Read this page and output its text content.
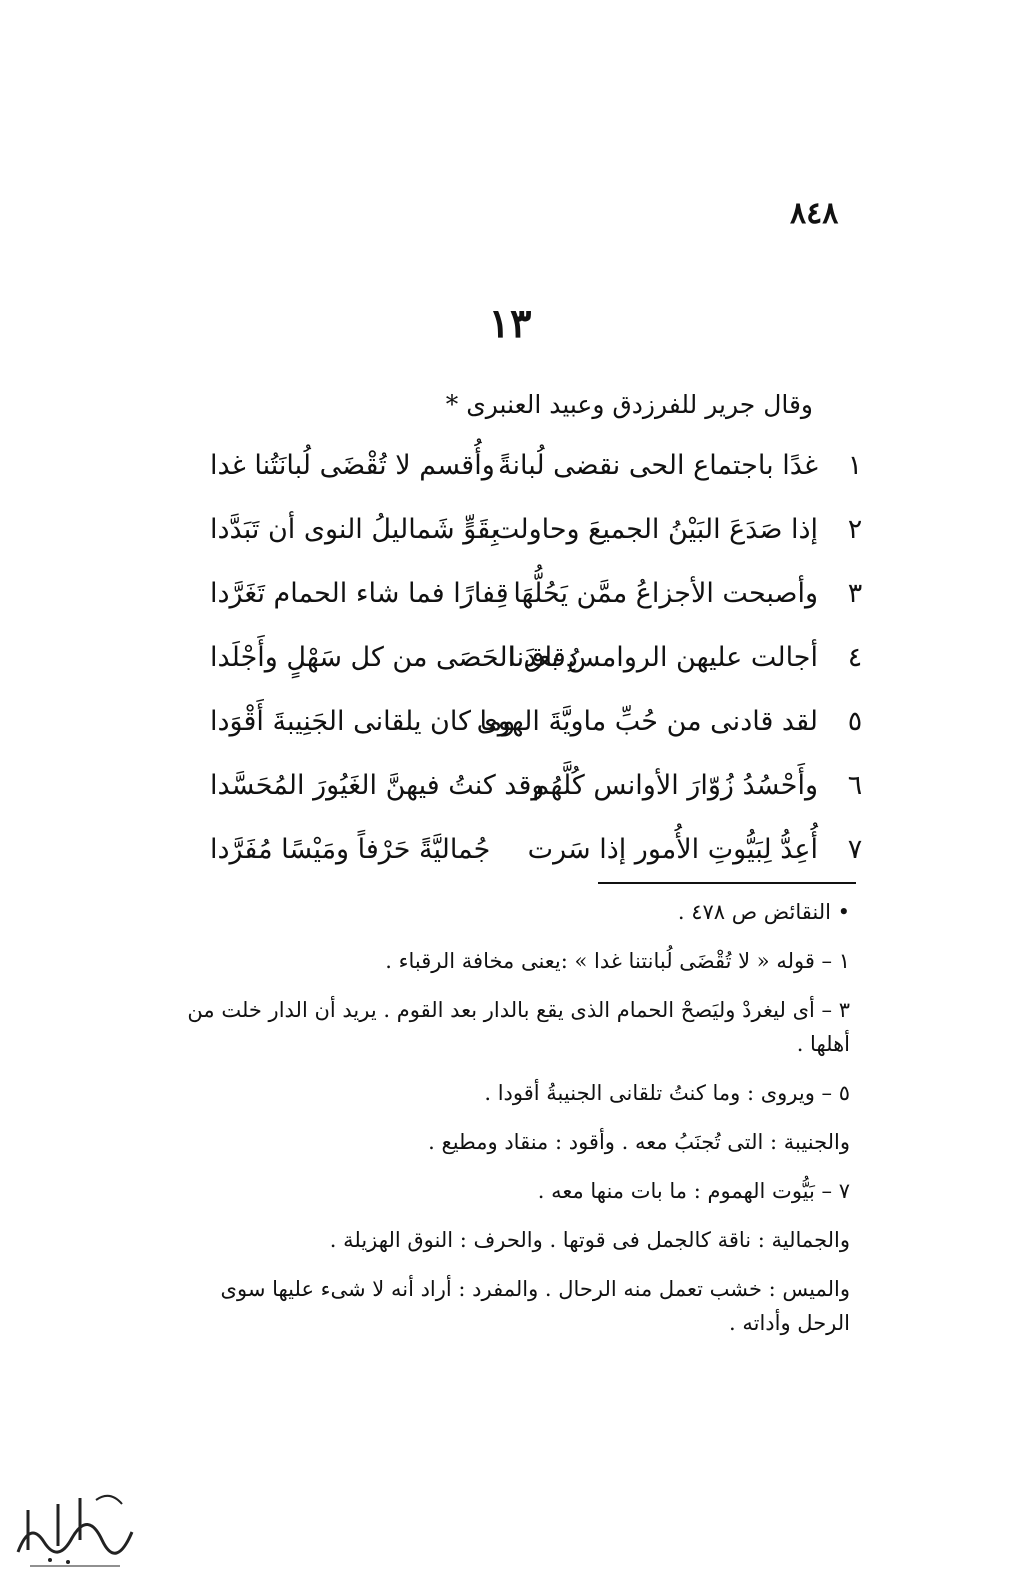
٨٤٨
١٣
وقال جرير للفرزدق وعبيد العنبرى *
١
غدًا باجتماع الحى نقضى لُبانةً
وأُقسم لا تُقْضَى لُبانَتُنا غدا
٢
إذا صَدَعَ البَيْنُ الجميعَ وحاولت
بِقَوٍّ شَماليلُ النوى أن تَبَدَّدا
٣
وأصبحت الأجزاعُ ممَّن يَحُلُّهَا
قِفارًا فما شاء الحمام تَغَرَّدا
٤
أجالت عليهن الروامسُ بعدنا
دِقاقَ الحَصَى من كل سَهْلٍ وأَجْلَدا
٥
لقد قادنى من حُبِّ ماويَّةَ الهوى
وما كان يلقانى الجَنِيبةَ أَقْوَدا
٦
وأَحْسُدُ زُوّارَ الأوانس كُلَّهُم
وقد كنتُ فيهنَّ الغَيُورَ المُحَسَّدا
٧
أُعِدُّ لِبَيُّوتِ الأُمور إذا سَرت
جُماليَّةً حَرْفاً ومَيْسًا مُفَرَّدا
• النقائض ص ٤٧٨ .
١ – قوله « لا تُقْضَى لُبانتنا غدا » :يعنى مخافة الرقباء .
٣ – أى ليغردْ وليَصحْ الحمام الذى يقع بالدار بعد القوم . يريد أن الدار خلت من أهلها .
٥ – ويروى : وما كنتُ تلقانى الجنيبةُ أقودا .
والجنيبة : التى تُجنَبُ معه . وأقود : منقاد ومطيع .
٧ – بَيُّوت الهموم : ما بات منها معه .
والجمالية : ناقة كالجمل فى قوتها . والحرف : النوق الهزيلة .
والميس : خشب تعمل منه الرحال . والمفرد : أراد أنه لا شىء عليها سوى الرحل وأداته .
